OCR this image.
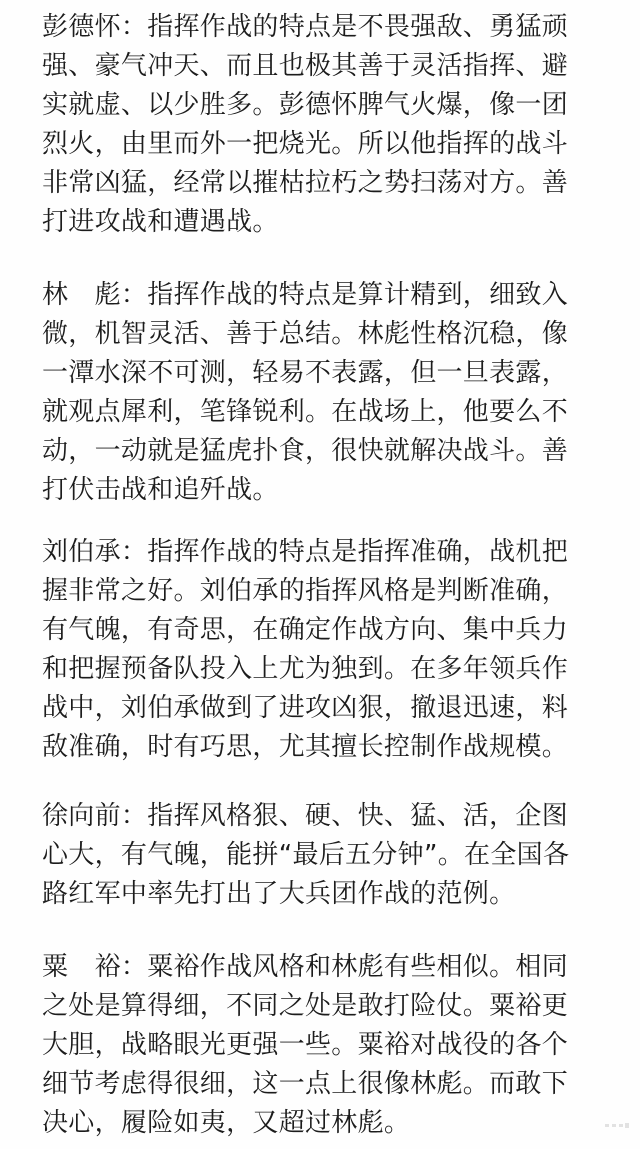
彭德怀：指挥作战的特点是不畏强敌、勇猛顽
强、豪气冲天、而且也极其善于灵活指挥、避
实就虚、以少胜多。彭德怀脾气火爆，像一团
烈火，由里而外一把烧光。所以他指挥的战斗
非常凶猛，经常以摧枯拉朽之势扫荡对方。善
打进攻战和遭遇战。

林　彪：指挥作战的特点是算计精到，细致入
微，机智灵活、善于总结。林彪性格沉稳，像
一潭水深不可测，轻易不表露，但一旦表露，
就观点犀利，笔锋锐利。在战场上，他要么不
动，一动就是猛虎扑食，很快就解决战斗。善
打伏击战和追歼战。

刘伯承：指挥作战的特点是指挥准确，战机把
握非常之好。刘伯承的指挥风格是判断准确，
有气魄，有奇思，在确定作战方向、集中兵力
和把握预备队投入上尤为独到。在多年领兵作
战中，刘伯承做到了进攻凶狠，撤退迅速，料
敌准确，时有巧思，尤其擅长控制作战规模。

徐向前：指挥风格狠、硬、快、猛、活，企图
心大，有气魄，能拼“最后五分钟”。在全国各
路红军中率先打出了大兵团作战的范例。

粟　裕：粟裕作战风格和林彪有些相似。相同
之处是算得细，不同之处是敢打险仗。粟裕更
大胆，战略眼光更强一些。粟裕对战役的各个
细节考虑得很细，这一点上很像林彪。而敢下
决心，履险如夷，又超过林彪。
